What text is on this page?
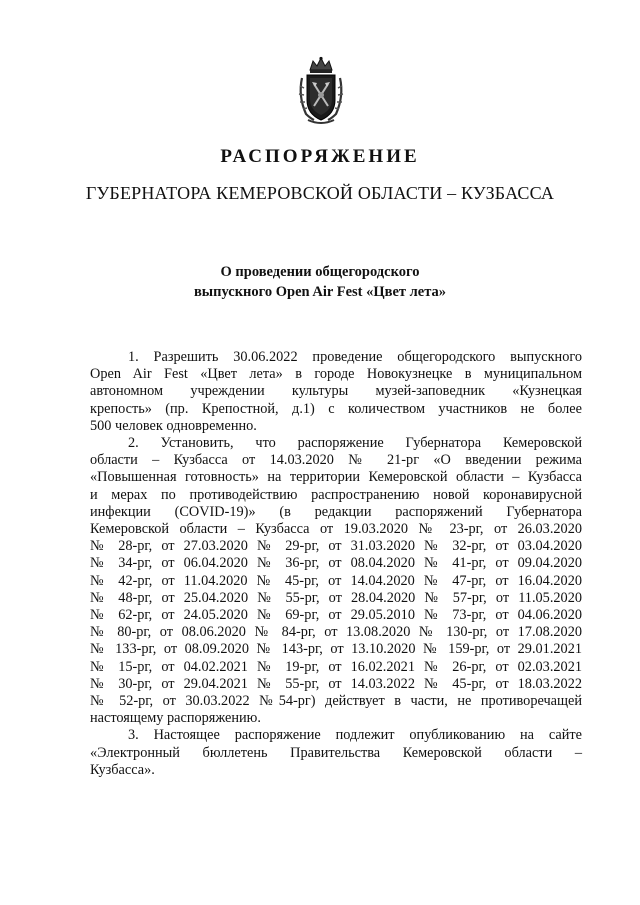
РАСПОРЯЖЕНИЕ
ГУБЕРНАТОРА КЕМЕРОВСКОЙ ОБЛАСТИ – КУЗБАССА
О проведении общегородского
выпускного Open Air Fest «Цвет лета»
1. Разрешить 30.06.2022 проведение общегородского выпускного
Open Air Fest «Цвет лета» в городе Новокузнецке в муниципальном
автономном учреждении культуры музей-заповедник «Кузнецкая
крепость» (пр. Крепостной, д.1) с количеством участников не более
500 человек одновременно.
2. Установить, что распоряжение Губернатора Кемеровской
области – Кузбасса от 14.03.2020 № 21-рг «О введении режима
«Повышенная готовность» на территории Кемеровской области – Кузбасса
и мерах по противодействию распространению новой коронавирусной
инфекции (COVID-19)» (в редакции распоряжений Губернатора
Кемеровской области – Кузбасса от 19.03.2020 № 23-рг, от 26.03.2020
№ 28-рг, от 27.03.2020 № 29-рг, от 31.03.2020 № 32-рг, от 03.04.2020
№ 34-рг, от 06.04.2020 № 36-рг, от 08.04.2020 № 41-рг, от 09.04.2020
№ 42-рг, от 11.04.2020 № 45-рг, от 14.04.2020 № 47-рг, от 16.04.2020
№ 48-рг, от 25.04.2020 № 55-рг, от 28.04.2020 № 57-рг, от 11.05.2020
№ 62-рг, от 24.05.2020 № 69-рг, от 29.05.2010 № 73-рг, от 04.06.2020
№ 80-рг, от 08.06.2020 № 84-рг, от 13.08.2020 № 130-рг, от 17.08.2020
№ 133-рг, от 08.09.2020 № 143-рг, от 13.10.2020 № 159-рг, от 29.01.2021
№ 15-рг, от 04.02.2021 № 19-рг, от 16.02.2021 № 26-рг, от 02.03.2021
№ 30-рг, от 29.04.2021 № 55-рг, от 14.03.2022 № 45-рг, от 18.03.2022
№ 52-рг, от 30.03.2022 №54-рг) действует в части, не противоречащей
настоящему распоряжению.
3. Настоящее распоряжение подлежит опубликованию на сайте
«Электронный бюллетень Правительства Кемеровской области –
Кузбасса».
